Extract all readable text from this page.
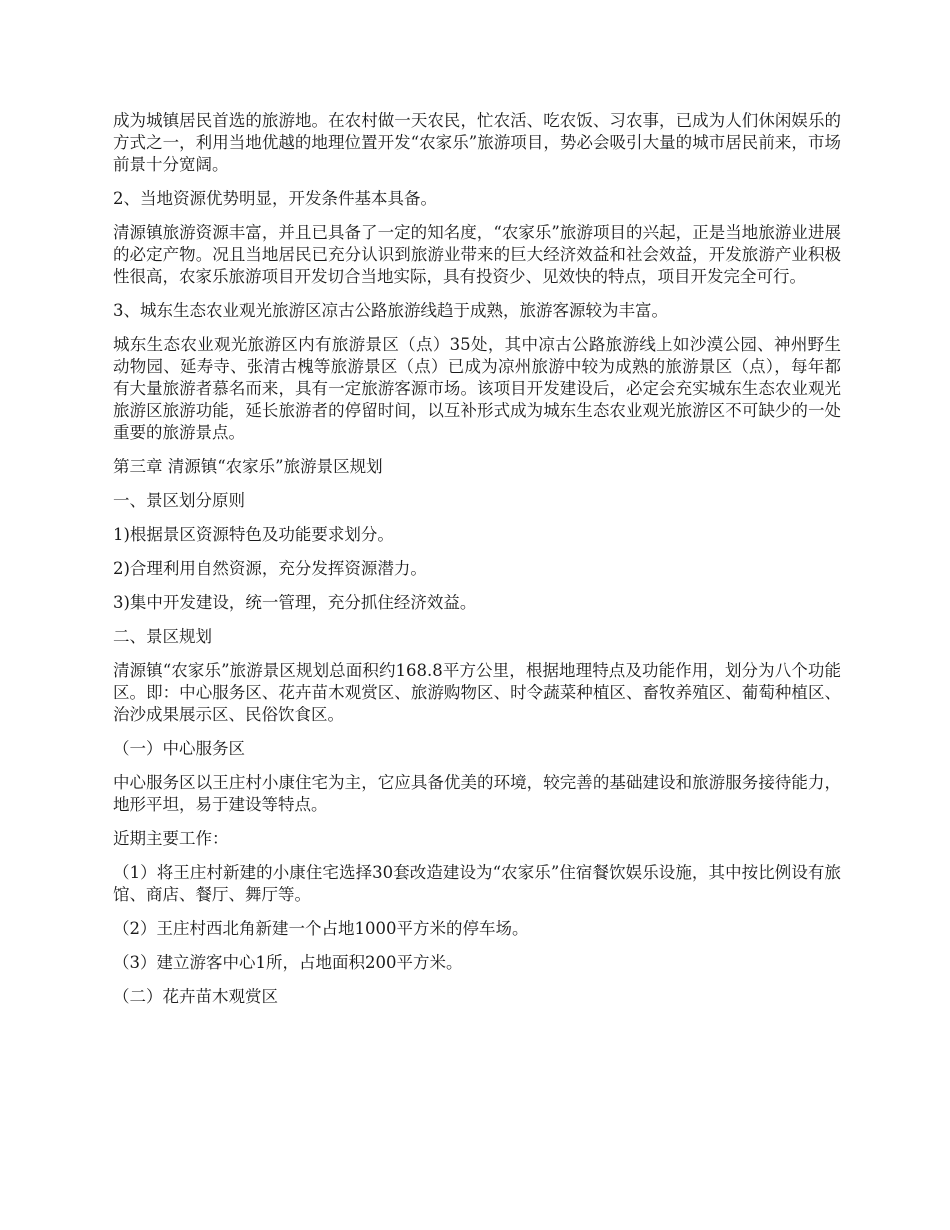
成为城镇居民首选的旅游地。在农村做一天农民，忙农活、吃农饭、习农事，已成为人们休闲娱乐的方式之一，利用当地优越的地理位置开发“农家乐”旅游项目，势必会吸引大量的城市居民前来，市场前景十分宽阔。

2、当地资源优势明显，开发条件基本具备。

清源镇旅游资源丰富，并且已具备了一定的知名度，“农家乐”旅游项目的兴起，正是当地旅游业进展的必定产物。况且当地居民已充分认识到旅游业带来的巨大经济效益和社会效益，开发旅游产业积极性很高，农家乐旅游项目开发切合当地实际，具有投资少、见效快的特点，项目开发完全可行。

3、城东生态农业观光旅游区凉古公路旅游线趋于成熟，旅游客源较为丰富。

城东生态农业观光旅游区内有旅游景区（点）35处，其中凉古公路旅游线上如沙漠公园、神州野生动物园、延寿寺、张清古槐等旅游景区（点）已成为凉州旅游中较为成熟的旅游景区（点），每年都有大量旅游者慕名而来，具有一定旅游客源市场。该项目开发建设后，必定会充实城东生态农业观光旅游区旅游功能，延长旅游者的停留时间，以互补形式成为城东生态农业观光旅游区不可缺少的一处重要的旅游景点。

第三章 清源镇“农家乐”旅游景区规划

一、景区划分原则

1)根据景区资源特色及功能要求划分。

2)合理利用自然资源，充分发挥资源潜力。

3)集中开发建设，统一管理，充分抓住经济效益。

二、景区规划

清源镇“农家乐”旅游景区规划总面积约168.8平方公里，根据地理特点及功能作用，划分为八个功能区。即：中心服务区、花卉苗木观赏区、旅游购物区、时令蔬菜种植区、畜牧养殖区、葡萄种植区、治沙成果展示区、民俗饮食区。

（一）中心服务区

中心服务区以王庄村小康住宅为主，它应具备优美的环境，较完善的基础建设和旅游服务接待能力，地形平坦，易于建设等特点。

近期主要工作：

（1）将王庄村新建的小康住宅选择30套改造建设为“农家乐”住宿餐饮娱乐设施，其中按比例设有旅馆、商店、餐厅、舞厅等。

（2）王庄村西北角新建一个占地1000平方米的停车场。

（3）建立游客中心1所，占地面积200平方米。

（二）花卉苗木观赏区
